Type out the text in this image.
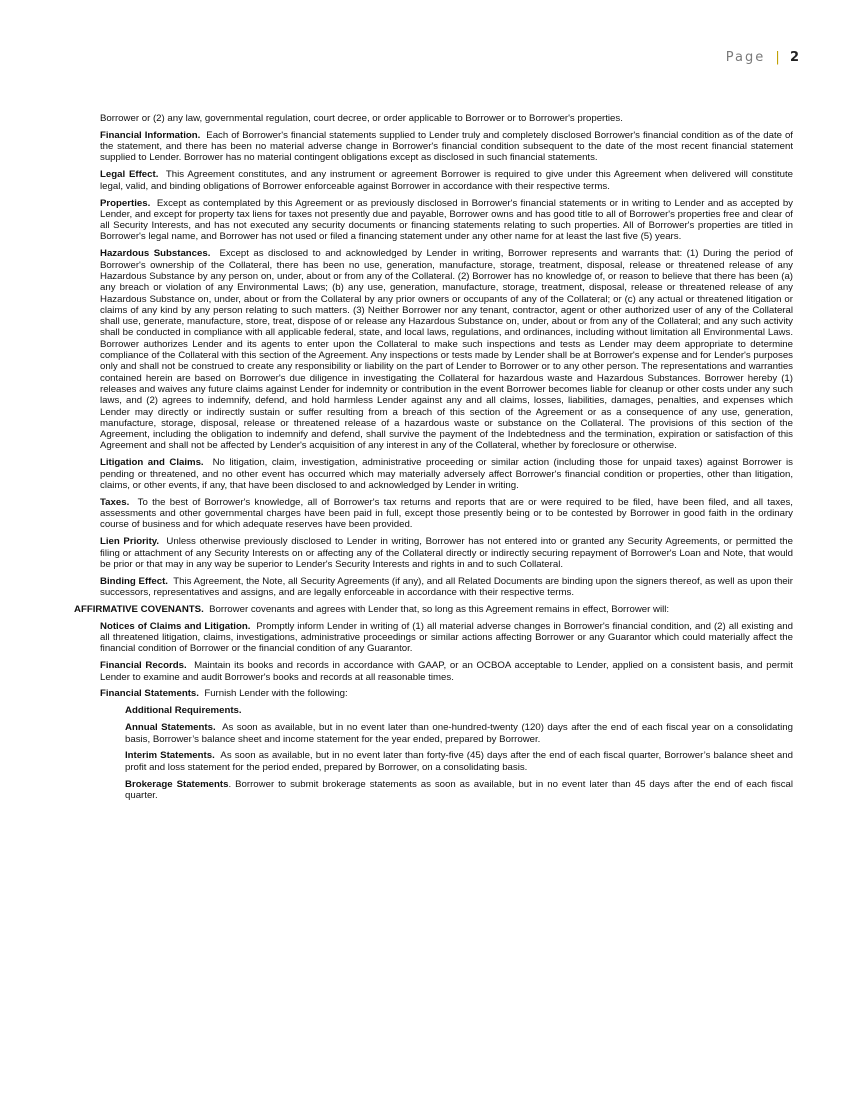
Page | 2

Borrower or (2) any law, governmental regulation, court decree, or order applicable to Borrower or to Borrower's properties.

Financial Information. Each of Borrower's financial statements supplied to Lender truly and completely disclosed Borrower's financial condition as of the date of the statement, and there has been no material adverse change in Borrower's financial condition subsequent to the date of the most recent financial statement supplied to Lender. Borrower has no material contingent obligations except as disclosed in such financial statements.

Legal Effect. This Agreement constitutes, and any instrument or agreement Borrower is required to give under this Agreement when delivered will constitute legal, valid, and binding obligations of Borrower enforceable against Borrower in accordance with their respective terms.

Properties. Except as contemplated by this Agreement or as previously disclosed in Borrower's financial statements or in writing to Lender and as accepted by Lender, and except for property tax liens for taxes not presently due and payable, Borrower owns and has good title to all of Borrower's properties free and clear of all Security Interests, and has not executed any security documents or financing statements relating to such properties. All of Borrower's properties are titled in Borrower's legal name, and Borrower has not used or filed a financing statement under any other name for at least the last five (5) years.

Hazardous Substances. Except as disclosed to and acknowledged by Lender in writing, Borrower represents and warrants that: (1) During the period of Borrower's ownership of the Collateral, there has been no use, generation, manufacture, storage, treatment, disposal, release or threatened release of any Hazardous Substance by any person on, under, about or from any of the Collateral. (2) Borrower has no knowledge of, or reason to believe that there has been (a) any breach or violation of any Environmental Laws; (b) any use, generation, manufacture, storage, treatment, disposal, release or threatened release of any Hazardous Substance on, under, about or from the Collateral by any prior owners or occupants of any of the Collateral; or (c) any actual or threatened litigation or claims of any kind by any person relating to such matters. (3) Neither Borrower nor any tenant, contractor, agent or other authorized user of any of the Collateral shall use, generate, manufacture, store, treat, dispose of or release any Hazardous Substance on, under, about or from any of the Collateral; and any such activity shall be conducted in compliance with all applicable federal, state, and local laws, regulations, and ordinances, including without limitation all Environmental Laws. Borrower authorizes Lender and its agents to enter upon the Collateral to make such inspections and tests as Lender may deem appropriate to determine compliance of the Collateral with this section of the Agreement. Any inspections or tests made by Lender shall be at Borrower's expense and for Lender's purposes only and shall not be construed to create any responsibility or liability on the part of Lender to Borrower or to any other person. The representations and warranties contained herein are based on Borrower's due diligence in investigating the Collateral for hazardous waste and Hazardous Substances. Borrower hereby (1) releases and waives any future claims against Lender for indemnity or contribution in the event Borrower becomes liable for cleanup or other costs under any such laws, and (2) agrees to indemnify, defend, and hold harmless Lender against any and all claims, losses, liabilities, damages, penalties, and expenses which Lender may directly or indirectly sustain or suffer resulting from a breach of this section of the Agreement or as a consequence of any use, generation, manufacture, storage, disposal, release or threatened release of a hazardous waste or substance on the Collateral. The provisions of this section of the Agreement, including the obligation to indemnify and defend, shall survive the payment of the Indebtedness and the termination, expiration or satisfaction of this Agreement and shall not be affected by Lender's acquisition of any interest in any of the Collateral, whether by foreclosure or otherwise.

Litigation and Claims. No litigation, claim, investigation, administrative proceeding or similar action (including those for unpaid taxes) against Borrower is pending or threatened, and no other event has occurred which may materially adversely affect Borrower's financial condition or properties, other than litigation, claims, or other events, if any, that have been disclosed to and acknowledged by Lender in writing.

Taxes. To the best of Borrower's knowledge, all of Borrower's tax returns and reports that are or were required to be filed, have been filed, and all taxes, assessments and other governmental charges have been paid in full, except those presently being or to be contested by Borrower in good faith in the ordinary course of business and for which adequate reserves have been provided.

Lien Priority. Unless otherwise previously disclosed to Lender in writing, Borrower has not entered into or granted any Security Agreements, or permitted the filing or attachment of any Security Interests on or affecting any of the Collateral directly or indirectly securing repayment of Borrower's Loan and Note, that would be prior or that may in any way be superior to Lender's Security Interests and rights in and to such Collateral.

Binding Effect. This Agreement, the Note, all Security Agreements (if any), and all Related Documents are binding upon the signers thereof, as well as upon their successors, representatives and assigns, and are legally enforceable in accordance with their respective terms.

AFFIRMATIVE COVENANTS. Borrower covenants and agrees with Lender that, so long as this Agreement remains in effect, Borrower will:

Notices of Claims and Litigation. Promptly inform Lender in writing of (1) all material adverse changes in Borrower's financial condition, and (2) all existing and all threatened litigation, claims, investigations, administrative proceedings or similar actions affecting Borrower or any Guarantor which could materially affect the financial condition of Borrower or the financial condition of any Guarantor.

Financial Records. Maintain its books and records in accordance with GAAP, or an OCBOA acceptable to Lender, applied on a consistent basis, and permit Lender to examine and audit Borrower's books and records at all reasonable times.

Financial Statements. Furnish Lender with the following:

Additional Requirements.

Annual Statements. As soon as available, but in no event later than one-hundred-twenty (120) days after the end of each fiscal year on a consolidating basis, Borrower’s balance sheet and income statement for the year ended, prepared by Borrower.

Interim Statements. As soon as available, but in no event later than forty-five (45) days after the end of each fiscal quarter, Borrower’s balance sheet and profit and loss statement for the period ended, prepared by Borrower, on a consolidating basis.

Brokerage Statements. Borrower to submit brokerage statements as soon as available, but in no event later than 45 days after the end of each fiscal quarter.
